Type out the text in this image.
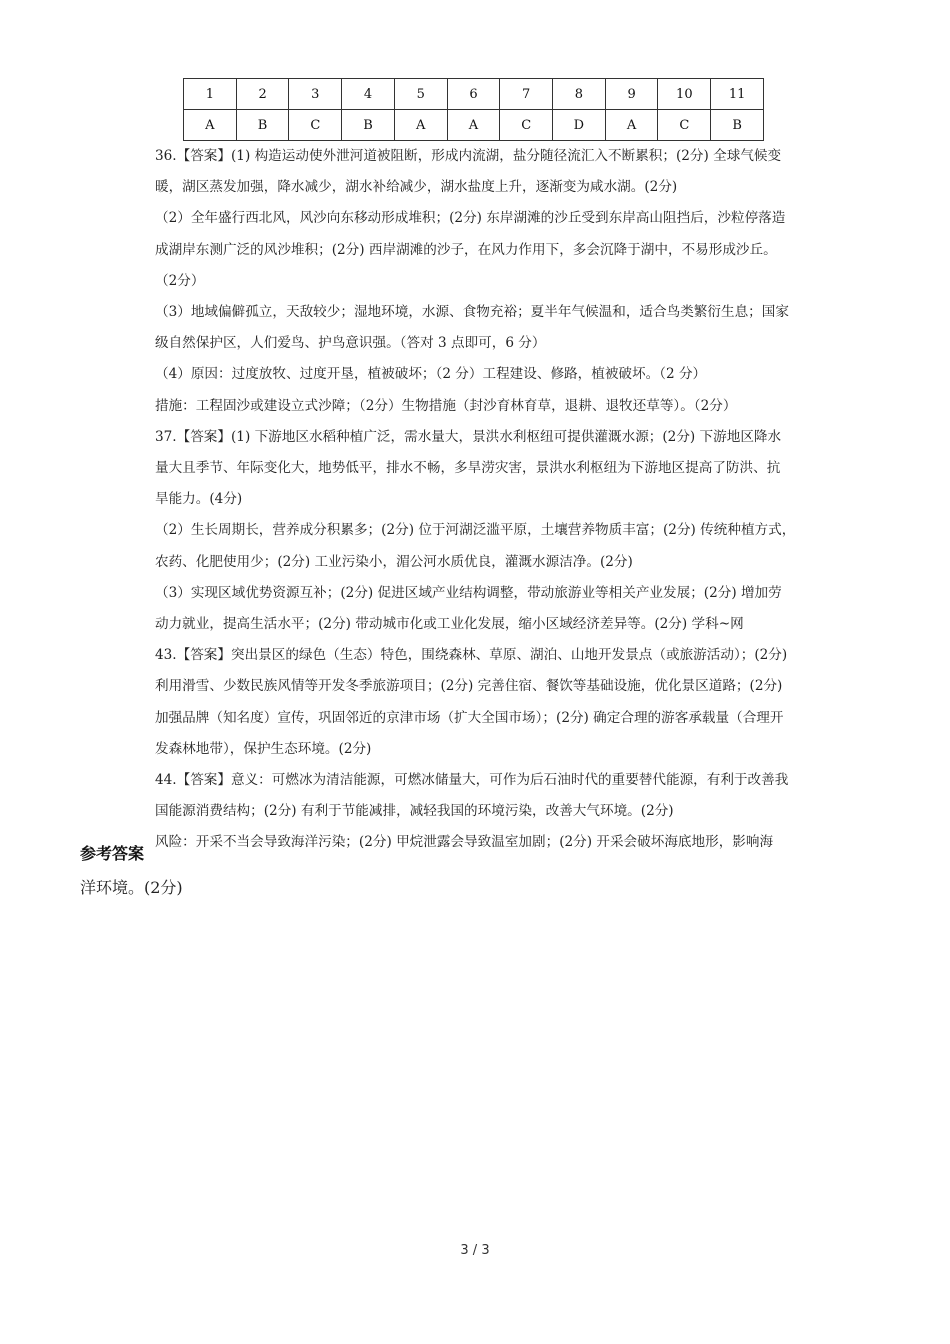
1	2	3	4	5	6	7	8	9	10	11
A	B	C	B	A	A	C	D	A	C	B

36.【答案】(1) 构造运动使外泄河道被阻断，形成内流湖，盐分随径流汇入不断累积；(2分) 全球气候变

暖，湖区蒸发加强，降水减少，湖水补给减少，湖水盐度上升，逐渐变为咸水湖。(2分)

（2）全年盛行西北风，风沙向东移动形成堆积；(2分) 东岸湖滩的沙丘受到东岸高山阻挡后，沙粒停落造

成湖岸东测广泛的风沙堆积；(2分) 西岸湖滩的沙子，在风力作用下，多会沉降于湖中，不易形成沙丘。

（2分）

（3）地域偏僻孤立，天敌较少；湿地环境，水源、食物充裕；夏半年气候温和，适合鸟类繁衍生息；国家

级自然保护区，人们爱鸟、护鸟意识强。（答对 3 点即可，6 分）

（4）原因：过度放牧、过度开垦，植被破坏；（2 分）工程建设、修路，植被破坏。（2 分）

措施：工程固沙或建设立式沙障；（2分）生物措施（封沙育林育草，退耕、退牧还草等）。（2分）

37.【答案】(1) 下游地区水稻种植广泛，需水量大，景洪水利枢纽可提供灌溉水源；(2分) 下游地区降水

量大且季节、年际变化大，地势低平，排水不畅，多旱涝灾害，景洪水利枢纽为下游地区提高了防洪、抗

旱能力。(4分)

（2）生长周期长，营养成分积累多；(2分) 位于河湖泛滥平原，土壤营养物质丰富；(2分) 传统种植方式，

农药、化肥使用少；(2分) 工业污染小，湄公河水质优良，灌溉水源洁净。(2分)

（3）实现区域优势资源互补；(2分) 促进区域产业结构调整，带动旅游业等相关产业发展；(2分) 增加劳

动力就业，提高生活水平；(2分) 带动城市化或工业化发展，缩小区域经济差异等。(2分) 学科~网

43.【答案】突出景区的绿色（生态）特色，围绕森林、草原、湖泊、山地开发景点（或旅游活动）；(2分)

利用滑雪、少数民族风情等开发冬季旅游项目；(2分) 完善住宿、餐饮等基础设施，优化景区道路；(2分)

加强品牌（知名度）宣传，巩固邻近的京津市场（扩大全国市场）；(2分) 确定合理的游客承载量（合理开

发森林地带），保护生态环境。(2分)

44.【答案】意义：可燃冰为清洁能源，可燃冰储量大，可作为后石油时代的重要替代能源，有利于改善我

国能源消费结构；(2分) 有利于节能减排，减轻我国的环境污染，改善大气环境。(2分)

风险：开采不当会导致海洋污染；(2分) 甲烷泄露会导致温室加剧；(2分) 开采会破坏海底地形，影响海

参考答案
洋环境。(2分)
3 / 3
